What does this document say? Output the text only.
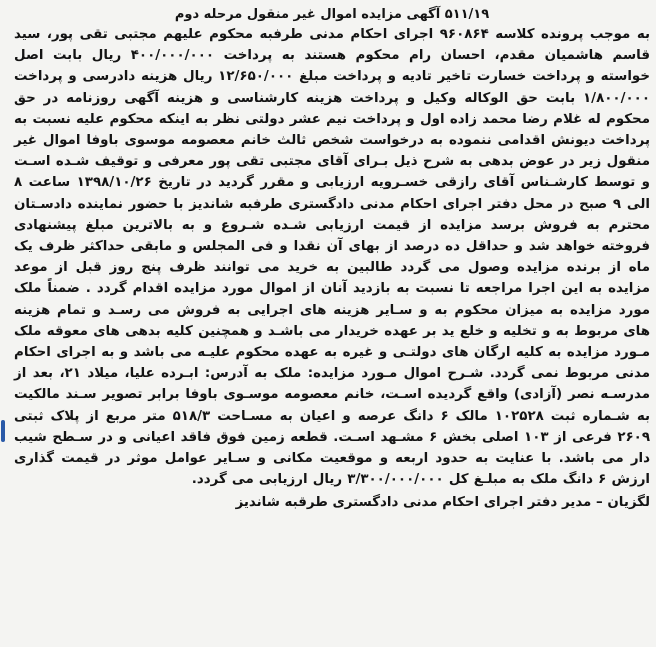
۵۱۱/۱۹ آگهی مزایده اموال غیر منقول مرحله دوم

به موجب پرونده کلاسه ۹۶۰۸۶۴ اجرای احکام مدنی طرفبه محکوم علیهم مجتبی تقی پور، سید قاسم هاشمیان مقدم، احسان رام محکوم هستند به پرداخت ۴۰۰/۰۰۰/۰۰۰ ریال بابت اصل خواسته و پرداخت خسارت تاخیر تادیه و پرداخت مبلغ ۱۲/۶۵۰/۰۰۰ ریال هزینه دادرسی و پرداخت ۱/۸۰۰/۰۰۰ بابت حق الوکاله وکیل و پرداخت هزینه کارشناسی و هزینه آگهی روزنامه در حق محکوم له غلام رضا محمد زاده اول و پرداخت نیم عشر دولتی نظر به اینکه محکوم علیه نسبت به پرداخت دیونش اقدامی ننموده به درخواست شخص ثالث خانم معصومه موسوی باوفا اموال غیر منقول زیر در عوض بدهی به شرح ذیل بـرای آقای مجتبی تقی پور معرفی و توقیف شـده اسـت و توسط کارشـناس آقای رازقی خسـرویه ارزیابی و مقرر گردید در تاریخ ۱۳۹۸/۱۰/۲۶ ساعت ۸ الی ۹ صبح در محل دفتر اجرای احکام مدنی دادگستری طرفبه شاندیز با حضور نماینده دادسـتان محترم به فروش برسد مزایده از قیمت ارزیابی شـده شـروع و به بالاترین مبلغ پیشنهادی فروخته خواهد شد و حداقل ده درصد از بهای آن نقدا و فی المجلس و مابقی حداکثر ظرف یک ماه از برنده مزایده وصول می گردد طالبین به خرید می توانند ظرف پنج روز قبل از موعد مزایده به این اجرا مراجعه تا نسبت به بازدید آنان از اموال مورد مزایده اقدام گردد . ضمناً ملک مورد مزایده به میزان محکوم به و سـایر هزینه های اجرایی به فروش می رسـد و تمام هزینه های مربوط به و تخلیه و خلع ید بر عهده خریدار می باشـد و همچنین کلیه بدهی های معوقه ملک مـورد مزایده به کلیه ارگان های دولتـی و غیره به عهده محکوم علیـه می باشد و به اجرای احکام مدنی مربوط نمی گردد. شـرح اموال مـورد مزایده: ملک به آدرس: ابـرده علیا، میلاد ۲۱، بعد از مدرسـه نصر (آزادی) واقع گردیده اسـت، خانم معصومه موسـوی باوفا برابر تصویر سـند مالکیت به شـماره ثبت ۱۰۲۵۲۸ مالک ۶ دانگ عرصه و اعیان به مسـاحت ۵۱۸/۳ متر مربع از پلاک ثبتی ۲۶۰۹ فرعی از ۱۰۳ اصلی بخش ۶ مشـهد اسـت. قطعه زمین فوق فاقد اعیانی و در سـطح شیب دار می باشد. با عنایت به حدود اربعه و موقعیت مکانی و سـایر عوامل موثر در قیمت گذاری ارزش ۶ دانگ ملک به مبلـغ کل ۳/۳۰۰/۰۰۰/۰۰۰ ریال ارزیابی می گردد.

لگزیان – مدیر دفتر اجرای احکام مدنی دادگستری طرقبه شاندیز
